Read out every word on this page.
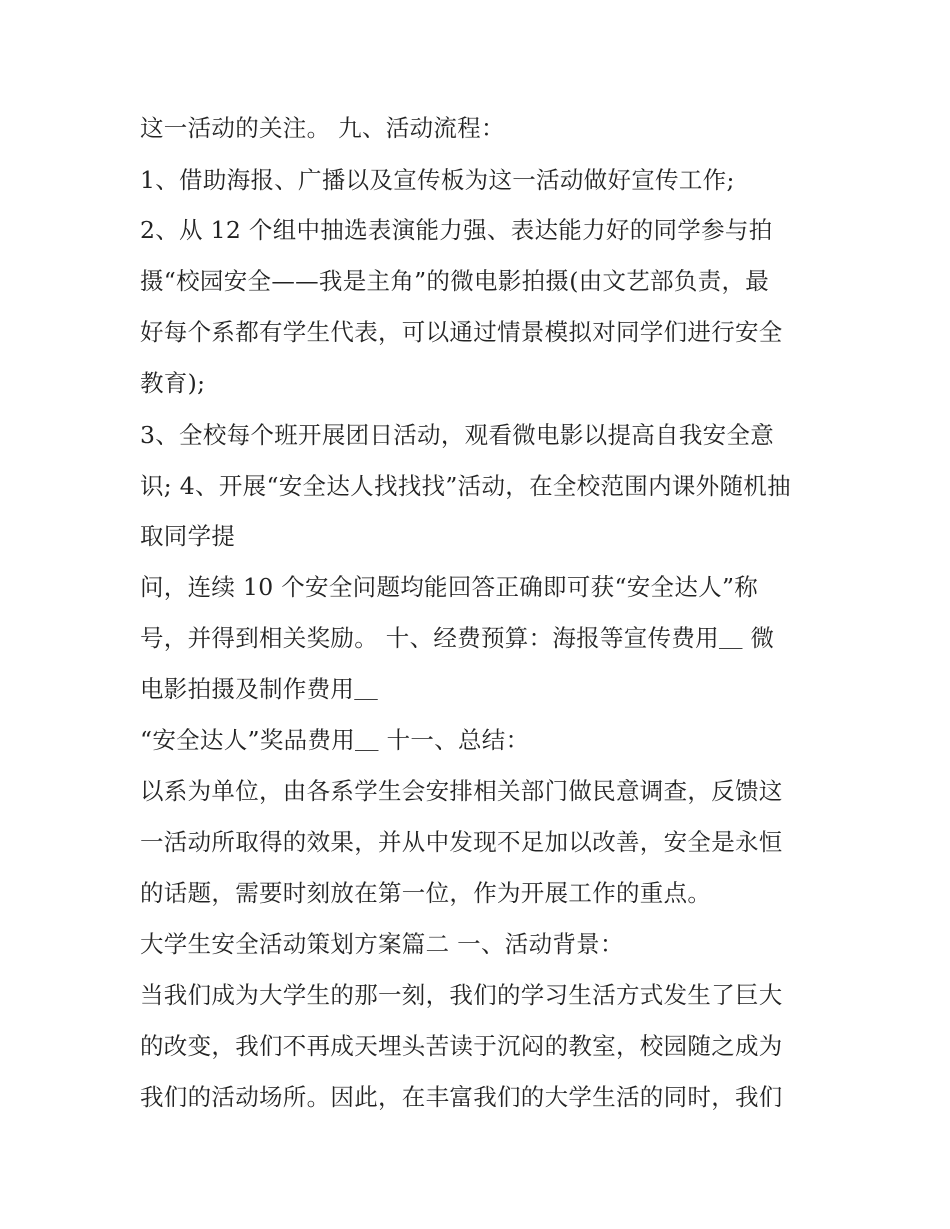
这一活动的关注。 九、活动流程：
1、借助海报、广播以及宣传板为这一活动做好宣传工作;
2、从 12 个组中抽选表演能力强、表达能力好的同学参与拍
摄“校园安全——我是主角”的微电影拍摄(由文艺部负责，最
好每个系都有学生代表，可以通过情景模拟对同学们进行安全
教育);
3、全校每个班开展团日活动，观看微电影以提高自我安全意
识; 4、开展“安全达人找找找”活动，在全校范围内课外随机抽
取同学提
问，连续 10 个安全问题均能回答正确即可获“安全达人”称
号，并得到相关奖励。 十、经费预算：海报等宣传费用＿ 微
电影拍摄及制作费用＿
“安全达人”奖品费用＿ 十一、总结：
以系为单位，由各系学生会安排相关部门做民意调查，反馈这
一活动所取得的效果，并从中发现不足加以改善，安全是永恒
的话题，需要时刻放在第一位，作为开展工作的重点。
大学生安全活动策划方案篇二 一、活动背景：
当我们成为大学生的那一刻，我们的学习生活方式发生了巨大
的改变，我们不再成天埋头苦读于沉闷的教室，校园随之成为
我们的活动场所。因此，在丰富我们的大学生活的同时，我们
